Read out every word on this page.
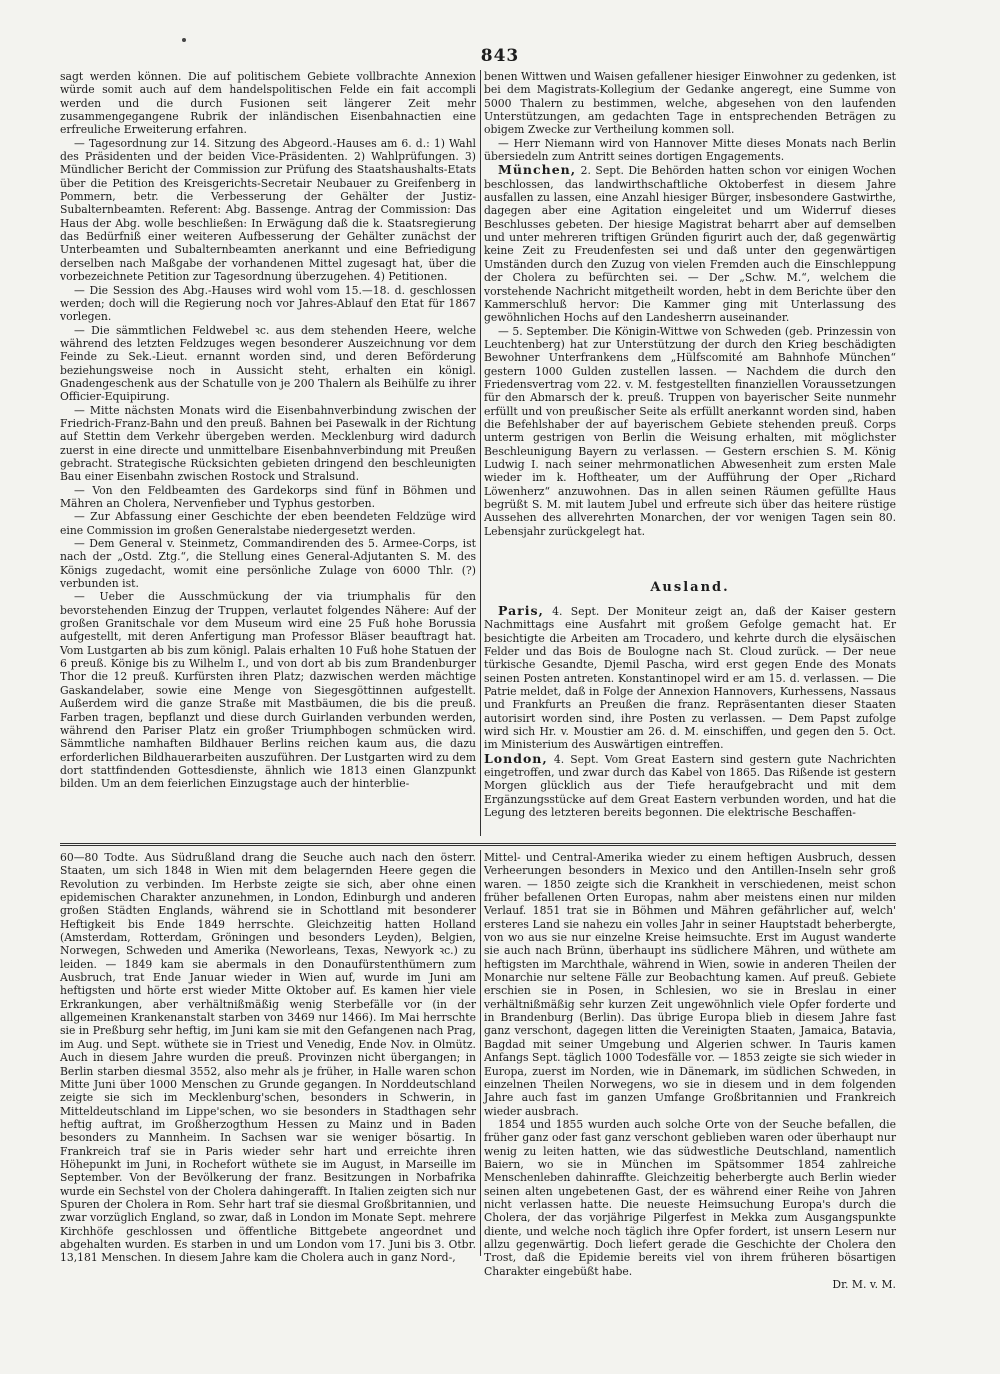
843

sagt werden können. Die auf politischem Gebiete vollbrachte Annexion würde somit auch auf dem handelspolitischen Felde ein fait accompli werden und die durch Fusionen seit längerer Zeit mehr zusammengegangene Rubrik der inländischen Eisenbahnactien eine erfreuliche Erweiterung erfahren.

— Tagesordnung zur 14. Sitzung des Abgeord.-Hauses am 6. d.: 1) Wahl des Präsidenten und der beiden Vice-Präsidenten. 2) Wahlprüfungen. 3) Mündlicher Bericht der Commission zur Prüfung des Staatshaushalts-Etats über die Petition des Kreisgerichts-Secretair Neubauer zu Greifenberg in Pommern, betr. die Verbesserung der Gehälter der Justiz-Subalternbeamten. Referent: Abg. Bassenge. Antrag der Commission: Das Haus der Abg. wolle beschließen: In Erwägung daß die k. Staatsregierung das Bedürfniß einer weiteren Aufbesserung der Gehälter zunächst der Unterbeamten und Subalternbeamten anerkannt und eine Befriedigung derselben nach Maßgabe der vorhandenen Mittel zugesagt hat, über die vorbezeichnete Petition zur Tagesordnung überzugehen. 4) Petitionen.

— Die Session des Abg.-Hauses wird wohl vom 15.—18. d. geschlossen werden; doch will die Regierung noch vor Jahres-Ablauf den Etat für 1867 vorlegen.

— Die sämmtlichen Feldwebel ꝛc. aus dem stehenden Heere, welche während des letzten Feldzuges wegen besonderer Auszeichnung vor dem Feinde zu Sek.-Lieut. ernannt worden sind, und deren Beförderung beziehungsweise noch in Aussicht steht, erhalten ein königl. Gnadengeschenk aus der Schatulle von je 200 Thalern als Beihülfe zu ihrer Officier-Equipirung.

— Mitte nächsten Monats wird die Eisenbahnverbindung zwischen der Friedrich-Franz-Bahn und den preuß. Bahnen bei Pasewalk in der Richtung auf Stettin dem Verkehr übergeben werden. Mecklenburg wird dadurch zuerst in eine directe und unmittelbare Eisenbahnverbindung mit Preußen gebracht. Strategische Rücksichten gebieten dringend den beschleunigten Bau einer Eisenbahn zwischen Rostock und Stralsund.

— Von den Feldbeamten des Gardekorps sind fünf in Böhmen und Mähren an Cholera, Nervenfieber und Typhus gestorben.

— Zur Abfassung einer Geschichte der eben beendeten Feldzüge wird eine Commission im großen Generalstabe niedergesetzt werden.

— Dem General v. Steinmetz, Commandirenden des 5. Armee-Corps, ist nach der „Ostd. Ztg.“, die Stellung eines General-Adjutanten S. M. des Königs zugedacht, womit eine persönliche Zulage von 6000 Thlr. (?) verbunden ist.

— Ueber die Ausschmückung der via triumphalis für den bevorstehenden Einzug der Truppen, verlautet folgendes Nähere: Auf der großen Granitschale vor dem Museum wird eine 25 Fuß hohe Borussia aufgestellt, mit deren Anfertigung man Professor Bläser beauftragt hat. Vom Lustgarten ab bis zum königl. Palais erhalten 10 Fuß hohe Statuen der 6 preuß. Könige bis zu Wilhelm I., und von dort ab bis zum Brandenburger Thor die 12 preuß. Kurfürsten ihren Platz; dazwischen werden mächtige Gaskandelaber, sowie eine Menge von Siegesgöttinnen aufgestellt. Außerdem wird die ganze Straße mit Mastbäumen, die bis die preuß. Farben tragen, bepflanzt und diese durch Guirlanden verbunden werden, während den Pariser Platz ein großer Triumphbogen schmücken wird. Sämmtliche namhaften Bildhauer Berlins reichen kaum aus, die dazu erforderlichen Bildhauerarbeiten auszuführen. Der Lustgarten wird zu dem dort stattfindenden Gottesdienste, ähnlich wie 1813 einen Glanzpunkt bilden. Um an dem feierlichen Einzugstage auch der hinterblie-

benen Wittwen und Waisen gefallener hiesiger Einwohner zu gedenken, ist bei dem Magistrats-Kollegium der Gedanke angeregt, eine Summe von 5000 Thalern zu bestimmen, welche, abgesehen von den laufenden Unterstützungen, am gedachten Tage in entsprechenden Beträgen zu obigem Zwecke zur Vertheilung kommen soll.

— Herr Niemann wird von Hannover Mitte dieses Monats nach Berlin übersiedeln zum Antritt seines dortigen Engagements.

München, 2. Sept. Die Behörden hatten schon vor einigen Wochen beschlossen, das landwirthschaftliche Oktoberfest in diesem Jahre ausfallen zu lassen, eine Anzahl hiesiger Bürger, insbesondere Gastwirthe, dagegen aber eine Agitation eingeleitet und um Widerruf dieses Beschlusses gebeten. Der hiesige Magistrat beharrt aber auf demselben und unter mehreren triftigen Gründen figurirt auch der, daß gegenwärtig keine Zeit zu Freudenfesten sei und daß unter den gegenwärtigen Umständen durch den Zuzug von vielen Fremden auch die Einschleppung der Cholera zu befürchten sei. — Der „Schw. M.“, welchem die vorstehende Nachricht mitgetheilt worden, hebt in dem Berichte über den Kammerschluß hervor: Die Kammer ging mit Unterlassung des gewöhnlichen Hochs auf den Landesherrn auseinander.

— 5. September. Die Königin-Wittwe von Schweden (geb. Prinzessin von Leuchtenberg) hat zur Unterstützung der durch den Krieg beschädigten Bewohner Unterfrankens dem „Hülfscomité am Bahnhofe München“ gestern 1000 Gulden zustellen lassen. — Nachdem die durch den Friedensvertrag vom 22. v. M. festgestellten finanziellen Voraussetzungen für den Abmarsch der k. preuß. Truppen von bayerischer Seite nunmehr erfüllt und von preußischer Seite als erfüllt anerkannt worden sind, haben die Befehlshaber der auf bayerischem Gebiete stehenden preuß. Corps unterm gestrigen von Berlin die Weisung erhalten, mit möglichster Beschleunigung Bayern zu verlassen. — Gestern erschien S. M. König Ludwig I. nach seiner mehrmonatlichen Abwesenheit zum ersten Male wieder im k. Hoftheater, um der Aufführung der Oper „Richard Löwenherz“ anzuwohnen. Das in allen seinen Räumen gefüllte Haus begrüßt S. M. mit lautem Jubel und erfreute sich über das heitere rüstige Aussehen des allverehrten Monarchen, der vor wenigen Tagen sein 80. Lebensjahr zurückgelegt hat.

Ausland.

Paris, 4. Sept. Der Moniteur zeigt an, daß der Kaiser gestern Nachmittags eine Ausfahrt mit großem Gefolge gemacht hat. Er besichtigte die Arbeiten am Trocadero, und kehrte durch die elysäischen Felder und das Bois de Boulogne nach St. Cloud zurück. — Der neue türkische Gesandte, Djemil Pascha, wird erst gegen Ende des Monats seinen Posten antreten. Konstantinopel wird er am 15. d. verlassen. — Die Patrie meldet, daß in Folge der Annexion Hannovers, Kurhessens, Nassaus und Frankfurts an Preußen die franz. Repräsentanten dieser Staaten autorisirt worden sind, ihre Posten zu verlassen. — Dem Papst zufolge wird sich Hr. v. Moustier am 26. d. M. einschiffen, und gegen den 5. Oct. im Ministerium des Auswärtigen eintreffen.

London, 4. Sept. Vom Great Eastern sind gestern gute Nachrichten eingetroffen, und zwar durch das Kabel von 1865. Das Rißende ist gestern Morgen glücklich aus der Tiefe heraufgebracht und mit dem Ergänzungsstücke auf dem Great Eastern verbunden worden, und hat die Legung des letzteren bereits begonnen. Die elektrische Beschaffen-

60—80 Todte. Aus Südrußland drang die Seuche auch nach den österr. Staaten, um sich 1848 in Wien mit dem belagernden Heere gegen die Revolution zu verbinden. Im Herbste zeigte sie sich, aber ohne einen epidemischen Charakter anzunehmen, in London, Edinburgh und anderen großen Städten Englands, während sie in Schottland mit besonderer Heftigkeit bis Ende 1849 herrschte. Gleichzeitig hatten Holland (Amsterdam, Rotterdam, Gröningen und besonders Leyden), Belgien, Norwegen, Schweden und Amerika (Neworleans, Texas, Newyork ꝛc.) zu leiden. — 1849 kam sie abermals in den Donaufürstenthümern zum Ausbruch, trat Ende Januar wieder in Wien auf, wurde im Juni am heftigsten und hörte erst wieder Mitte Oktober auf. Es kamen hier viele Erkrankungen, aber verhältnißmäßig wenig Sterbefälle vor (in der allgemeinen Krankenanstalt starben von 3469 nur 1466). Im Mai herrschte sie in Preßburg sehr heftig, im Juni kam sie mit den Gefangenen nach Prag, im Aug. und Sept. wüthete sie in Triest und Venedig, Ende Nov. in Olmütz. Auch in diesem Jahre wurden die preuß. Provinzen nicht übergangen; in Berlin starben diesmal 3552, also mehr als je früher, in Halle waren schon Mitte Juni über 1000 Menschen zu Grunde gegangen. In Norddeutschland zeigte sie sich im Mecklenburg'schen, besonders in Schwerin, in Mitteldeutschland im Lippe'schen, wo sie besonders in Stadthagen sehr heftig auftrat, im Großherzogthum Hessen zu Mainz und in Baden besonders zu Mannheim. In Sachsen war sie weniger bösartig. In Frankreich traf sie in Paris wieder sehr hart und erreichte ihren Höhepunkt im Juni, in Rochefort wüthete sie im August, in Marseille im September. Von der Bevölkerung der franz. Besitzungen in Norbafrika wurde ein Sechstel von der Cholera dahingerafft. In Italien zeigten sich nur Spuren der Cholera in Rom. Sehr hart traf sie diesmal Großbritannien, und zwar vorzüglich England, so zwar, daß in London im Monate Sept. mehrere Kirchhöfe geschlossen und öffentliche Bittgebete angeordnet und abgehalten wurden. Es starben in und um London vom 17. Juni bis 3. Otbr. 13,181 Menschen. In diesem Jahre kam die Cholera auch in ganz Nord-,

Mittel- und Central-Amerika wieder zu einem heftigen Ausbruch, dessen Verheerungen besonders in Mexico und den Antillen-Inseln sehr groß waren. — 1850 zeigte sich die Krankheit in verschiedenen, meist schon früher befallenen Orten Europas, nahm aber meistens einen nur milden Verlauf. 1851 trat sie in Böhmen und Mähren gefährlicher auf, welch' ersteres Land sie nahezu ein volles Jahr in seiner Hauptstadt beherbergte, von wo aus sie nur einzelne Kreise heimsuchte. Erst im August wanderte sie auch nach Brünn, überhaupt ins südlichere Mähren, und wüthete am heftigsten im Marchthale, während in Wien, sowie in anderen Theilen der Monarchie nur seltene Fälle zur Beobachtung kamen. Auf preuß. Gebiete erschien sie in Posen, in Schlesien, wo sie in Breslau in einer verhältnißmäßig sehr kurzen Zeit ungewöhnlich viele Opfer forderte und in Brandenburg (Berlin). Das übrige Europa blieb in diesem Jahre fast ganz verschont, dagegen litten die Vereinigten Staaten, Jamaica, Batavia, Bagdad mit seiner Umgebung und Algerien schwer. In Tauris kamen Anfangs Sept. täglich 1000 Todesfälle vor. — 1853 zeigte sie sich wieder in Europa, zuerst im Norden, wie in Dänemark, im südlichen Schweden, in einzelnen Theilen Norwegens, wo sie in diesem und in dem folgenden Jahre auch fast im ganzen Umfange Großbritannien und Frankreich wieder ausbrach.

1854 und 1855 wurden auch solche Orte von der Seuche befallen, die früher ganz oder fast ganz verschont geblieben waren oder überhaupt nur wenig zu leiten hatten, wie das südwestliche Deutschland, namentlich Baiern, wo sie in München im Spätsommer 1854 zahlreiche Menschenleben dahinraffte. Gleichzeitig beherbergte auch Berlin wieder seinen alten ungebetenen Gast, der es während einer Reihe von Jahren nicht verlassen hatte. Die neueste Heimsuchung Europa's durch die Cholera, der das vorjährige Pilgerfest in Mekka zum Ausgangspunkte diente, und welche noch täglich ihre Opfer fordert, ist unsern Lesern nur allzu gegenwärtig. Doch liefert gerade die Geschichte der Cholera den Trost, daß die Epidemie bereits viel von ihrem früheren bösartigen Charakter eingebüßt habe.

Dr. M. v. M.
